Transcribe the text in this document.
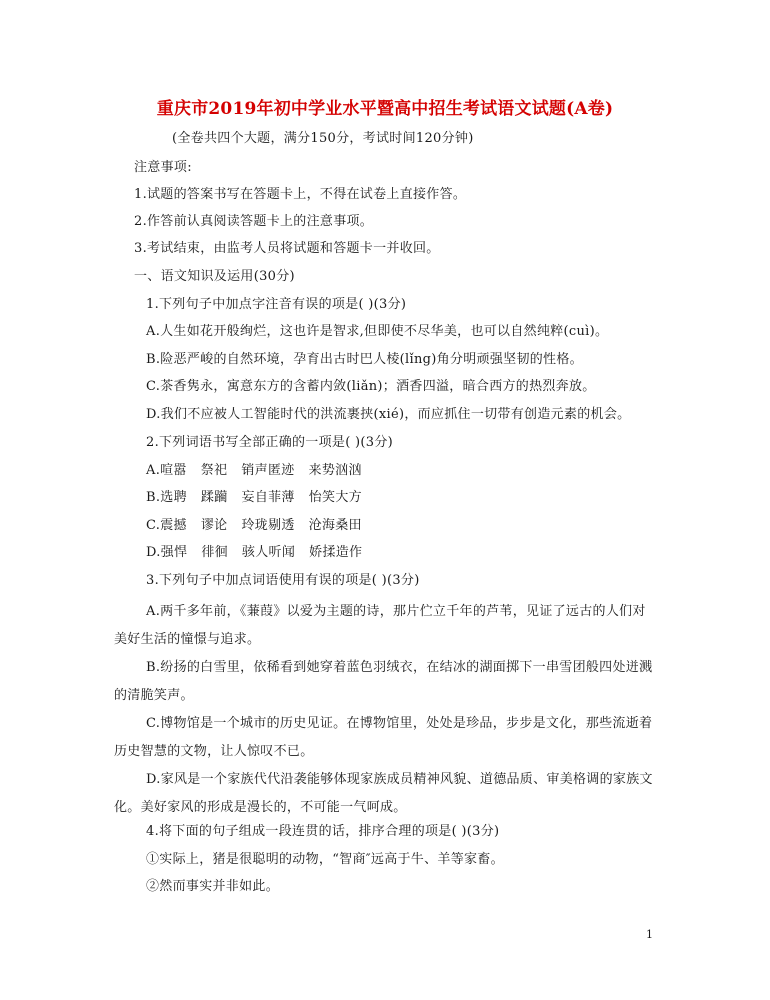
重庆市2019年初中学业水平暨高中招生考试语文试题(A卷)
(全卷共四个大题，满分150分，考试时间120分钟)
注意事项:
1.试题的答案书写在答题卡上，不得在试卷上直接作答。
2.作答前认真阅读答题卡上的注意事项。
3.考试结束，由监考人员将试题和答题卡一并收回。
一、语文知识及运用(30分)
1.下列句子中加点字注音有误的项是( )(3分)
A.人生如花开般绚烂，这也许是智求,但即使不尽华美，也可以自然纯粹(cuì)。
B.险恶严峻的自然环境，孕育出古时巴人棱(lǐng)角分明顽强坚韧的性格。
C.茶香隽永，寓意东方的含蓄内敛(liǎn)；酒香四溢，暗合西方的热烈奔放。
D.我们不应被人工智能时代的洪流裹挟(xié)，而应抓住一切带有创造元素的机会。
2.下列词语书写全部正确的一项是( )(3分)
A.喧嚣 祭祀 销声匿迹 来势汹汹
B.选聘 蹂躏 妄自菲薄 怡笑大方
C.震撼 谬论 玲珑剔透 沧海桑田
D.强悍 徘徊 骇人听闻 娇揉造作
3.下列句子中加点词语使用有误的项是( )(3分)
A.两千多年前，《蒹葭》以爱为主题的诗，那片伫立千年的芦苇，见证了远古的人们对美好生活的憧憬与追求。
B.纷扬的白雪里，依稀看到她穿着蓝色羽绒衣，在结冰的湖面掷下一串雪团般四处迸溅的清脆笑声。
C.博物馆是一个城市的历史见证。在博物馆里，处处是珍品，步步是文化，那些流逝着历史智慧的文物，让人惊叹不已。
D.家风是一个家族代代沿袭能够体现家族成员精神风貌、道德品质、审美格调的家族文化。美好家风的形成是漫长的，不可能一气呵成。
4.将下面的句子组成一段连贯的话，排序合理的项是( )(3分)
①实际上，猪是很聪明的动物，“智商″远高于牛、羊等家畜。
②然而事实并非如此。
1
